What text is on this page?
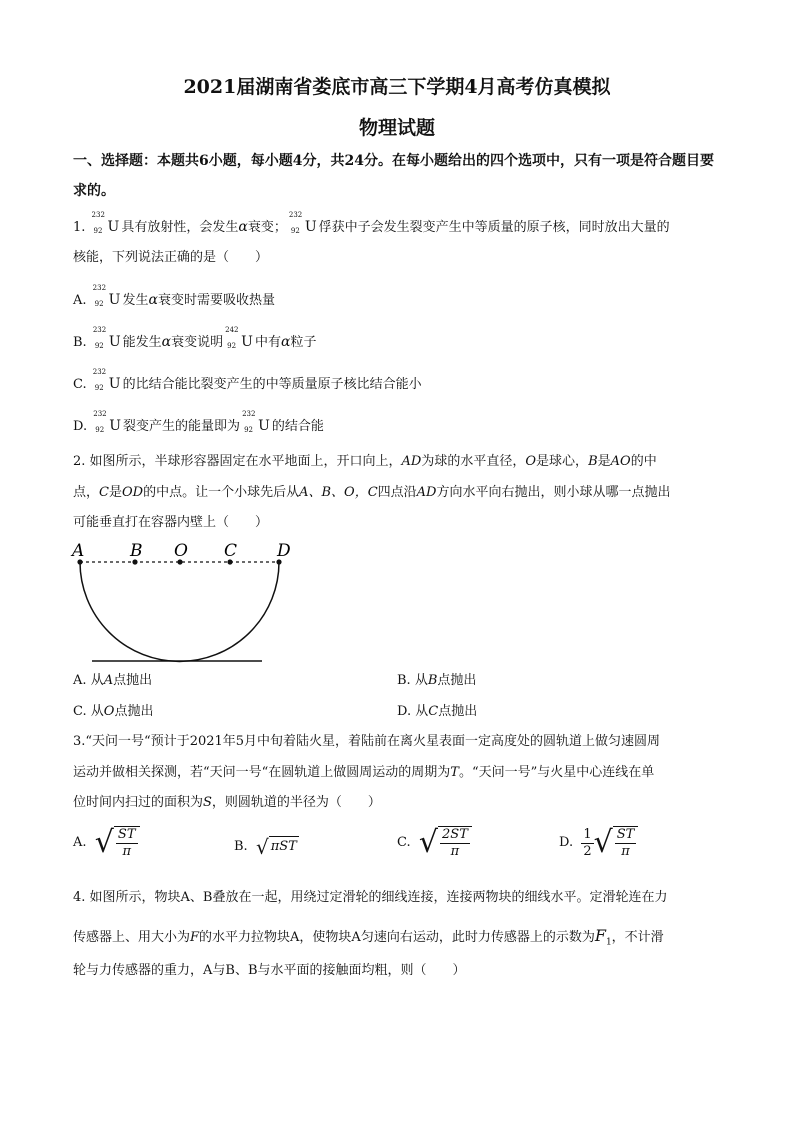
2021届湖南省娄底市高三下学期4月高考仿真模拟
物理试题
一、选择题：本题共6小题，每小题4分，共24分。在每小题给出的四个选项中，只有一项是符合题目要求的。
1.
232
92 U 具有放射性，会发生α衰变；
232
92 U 俘获中子会发生裂变产生中等质量的原子核，同时放出大量的
核能，下列说法正确的是（　　）
A.
232
92 U 发生α衰变时需要吸收热量
B.
232
92 U 能发生α衰变说明
242
92 U 中有α粒子
C.
232
92 U 的比结合能比裂变产生的中等质量原子核比结合能小
D.
232
92 U 裂变产生的能量即为
232
92 U 的结合能
2. 如图所示，半球形容器固定在水平地面上，开口向上，AD为球的水平直径，O是球心，B是AO的中
点，C是OD的中点。让一个小球先后从A、B、O，C四点沿AD方向水平向右抛出，则小球从哪一点抛出
可能垂直打在容器内壁上（　　）
A	B O C D
A. 从A点抛出	B. 从B点抛出
C. 从O点抛出	D. 从C点抛出
3.“天问一号“预计于2021年5月中旬着陆火星，着陆前在离火星表面一定高度处的圆轨道上做匀速圆周
运动并做相关探测，若“天问一号“在圆轨道上做圆周运动的周期为T。“天问一号”与火星中心连线在单
位时间内扫过的面积为S，则圆轨道的半径为（　　）
A.
√ $\frac{ST}{\pi}$	B.
√ πST	C.
√ $\frac{2ST}{\pi}$	D.
$\frac{1}{2}$ √ $\frac{ST}{\pi}$
4. 如图所示，物块A、B叠放在一起，用绕过定滑轮的细线连接，连接两物块的细线水平。定滑轮连在力
传感器上、用大小为F的水平力拉物块A，使物块A匀速向右运动，此时力传感器上的示数为$F_1$，不计滑
轮与力传感器的重力，A与B、B与水平面的接触面均粗，则（　　）
